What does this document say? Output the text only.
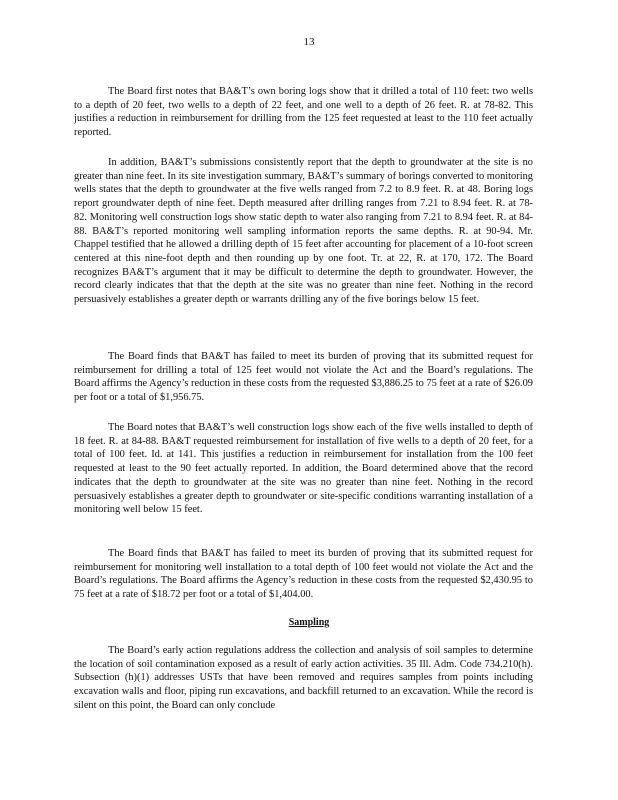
13

The Board first notes that BA&T’s own boring logs show that it drilled a total of 110 feet: two wells to a depth of 20 feet, two wells to a depth of 22 feet, and one well to a depth of 26 feet. R. at 78-82. This justifies a reduction in reimbursement for drilling from the 125 feet requested at least to the 110 feet actually reported.

In addition, BA&T’s submissions consistently report that the depth to groundwater at the site is no greater than nine feet. In its site investigation summary, BA&T’s summary of borings converted to monitoring wells states that the depth to groundwater at the five wells ranged from 7.2 to 8.9 feet. R. at 48. Boring logs report groundwater depth of nine feet. Depth measured after drilling ranges from 7.21 to 8.94 feet. R. at 78-82. Monitoring well construction logs show static depth to water also ranging from 7.21 to 8.94 feet. R. at 84-88. BA&T’s reported monitoring well sampling information reports the same depths. R. at 90-94. Mr. Chappel testified that he allowed a drilling depth of 15 feet after accounting for placement of a 10-foot screen centered at this nine-foot depth and then rounding up by one foot. Tr. at 22, R. at 170, 172. The Board recognizes BA&T’s argument that it may be difficult to determine the depth to groundwater. However, the record clearly indicates that that the depth at the site was no greater than nine feet. Nothing in the record persuasively establishes a greater depth or warrants drilling any of the five borings below 15 feet.

The Board finds that BA&T has failed to meet its burden of proving that its submitted request for reimbursement for drilling a total of 125 feet would not violate the Act and the Board’s regulations. The Board affirms the Agency’s reduction in these costs from the requested $3,886.25 to 75 feet at a rate of $26.09 per foot or a total of $1,956.75.

The Board notes that BA&T’s well construction logs show each of the five wells installed to depth of 18 feet. R. at 84-88. BA&T requested reimbursement for installation of five wells to a depth of 20 feet, for a total of 100 feet. Id. at 141. This justifies a reduction in reimbursement for installation from the 100 feet requested at least to the 90 feet actually reported. In addition, the Board determined above that the record indicates that the depth to groundwater at the site was no greater than nine feet. Nothing in the record persuasively establishes a greater depth to groundwater or site-specific conditions warranting installation of a monitoring well below 15 feet.

The Board finds that BA&T has failed to meet its burden of proving that its submitted request for reimbursement for monitoring well installation to a total depth of 100 feet would not violate the Act and the Board’s regulations. The Board affirms the Agency’s reduction in these costs from the requested $2,430.95 to 75 feet at a rate of $18.72 per foot or a total of $1,404.00.

Sampling

The Board’s early action regulations address the collection and analysis of soil samples to determine the location of soil contamination exposed as a result of early action activities. 35 Ill. Adm. Code 734.210(h). Subsection (h)(1) addresses USTs that have been removed and requires samples from points including excavation walls and floor, piping run excavations, and backfill returned to an excavation. While the record is silent on this point, the Board can only conclude
